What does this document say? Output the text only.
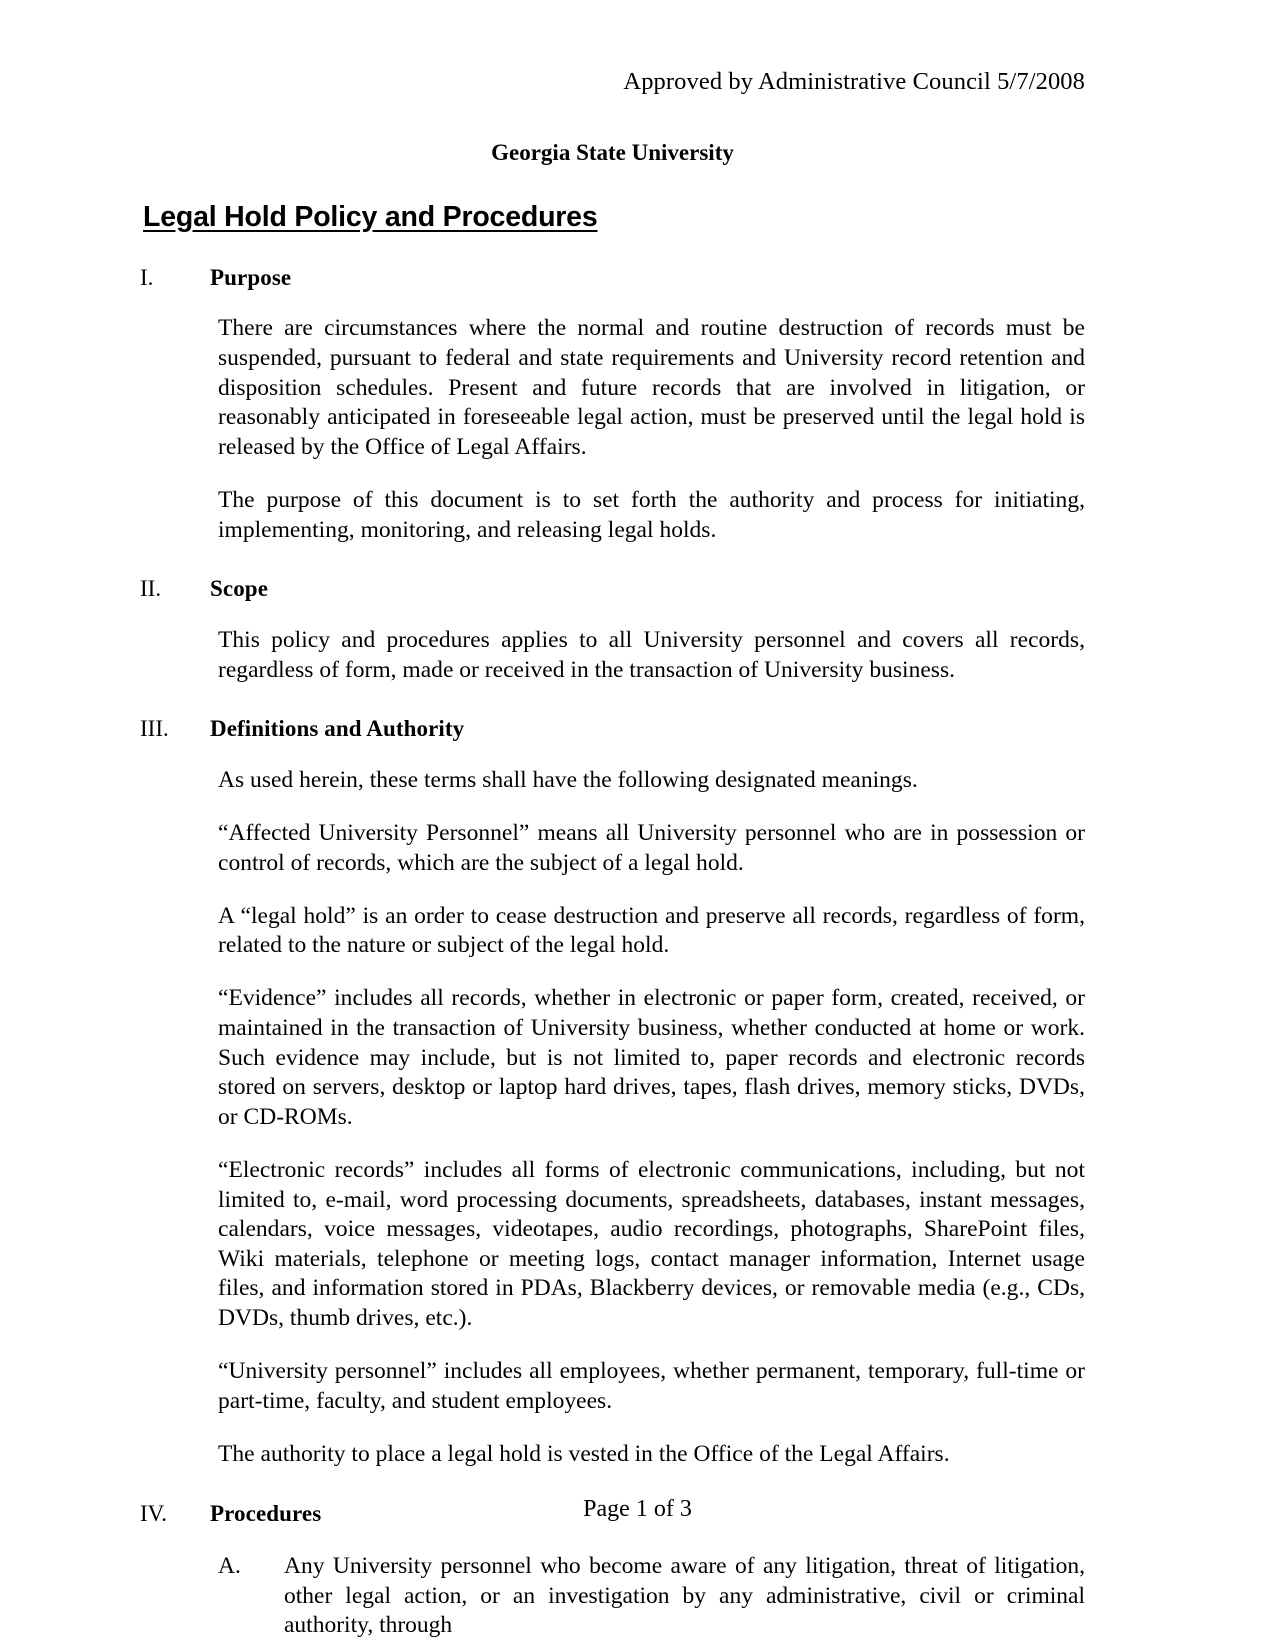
Approved by Administrative Council 5/7/2008
Georgia State University
Legal Hold Policy and Procedures
I.	Purpose

There are circumstances where the normal and routine destruction of records must be suspended, pursuant to federal and state requirements and University record retention and disposition schedules. Present and future records that are involved in litigation, or reasonably anticipated in foreseeable legal action, must be preserved until the legal hold is released by the Office of Legal Affairs.

The purpose of this document is to set forth the authority and process for initiating, implementing, monitoring, and releasing legal holds.

II.	Scope

This policy and procedures applies to all University personnel and covers all records, regardless of form, made or received in the transaction of University business.

III.	Definitions and Authority

As used herein, these terms shall have the following designated meanings.

“Affected University Personnel” means all University personnel who are in possession or control of records, which are the subject of a legal hold.

A “legal hold” is an order to cease destruction and preserve all records, regardless of form, related to the nature or subject of the legal hold.

“Evidence” includes all records, whether in electronic or paper form, created, received, or maintained in the transaction of University business, whether conducted at home or work. Such evidence may include, but is not limited to, paper records and electronic records stored on servers, desktop or laptop hard drives, tapes, flash drives, memory sticks, DVDs, or CD-ROMs.

“Electronic records” includes all forms of electronic communications, including, but not limited to, e-mail, word processing documents, spreadsheets, databases, instant messages, calendars, voice messages, videotapes, audio recordings, photographs, SharePoint files, Wiki materials, telephone or meeting logs, contact manager information, Internet usage files, and information stored in PDAs, Blackberry devices, or removable media (e.g., CDs, DVDs, thumb drives, etc.).

“University personnel” includes all employees, whether permanent, temporary, full-time or part-time, faculty, and student employees.

The authority to place a legal hold is vested in the Office of the Legal Affairs.

IV.	Procedures
A.	Any University personnel who become aware of any litigation, threat of litigation, other legal action, or an investigation by any administrative, civil or criminal authority, through
Page 1 of 3
